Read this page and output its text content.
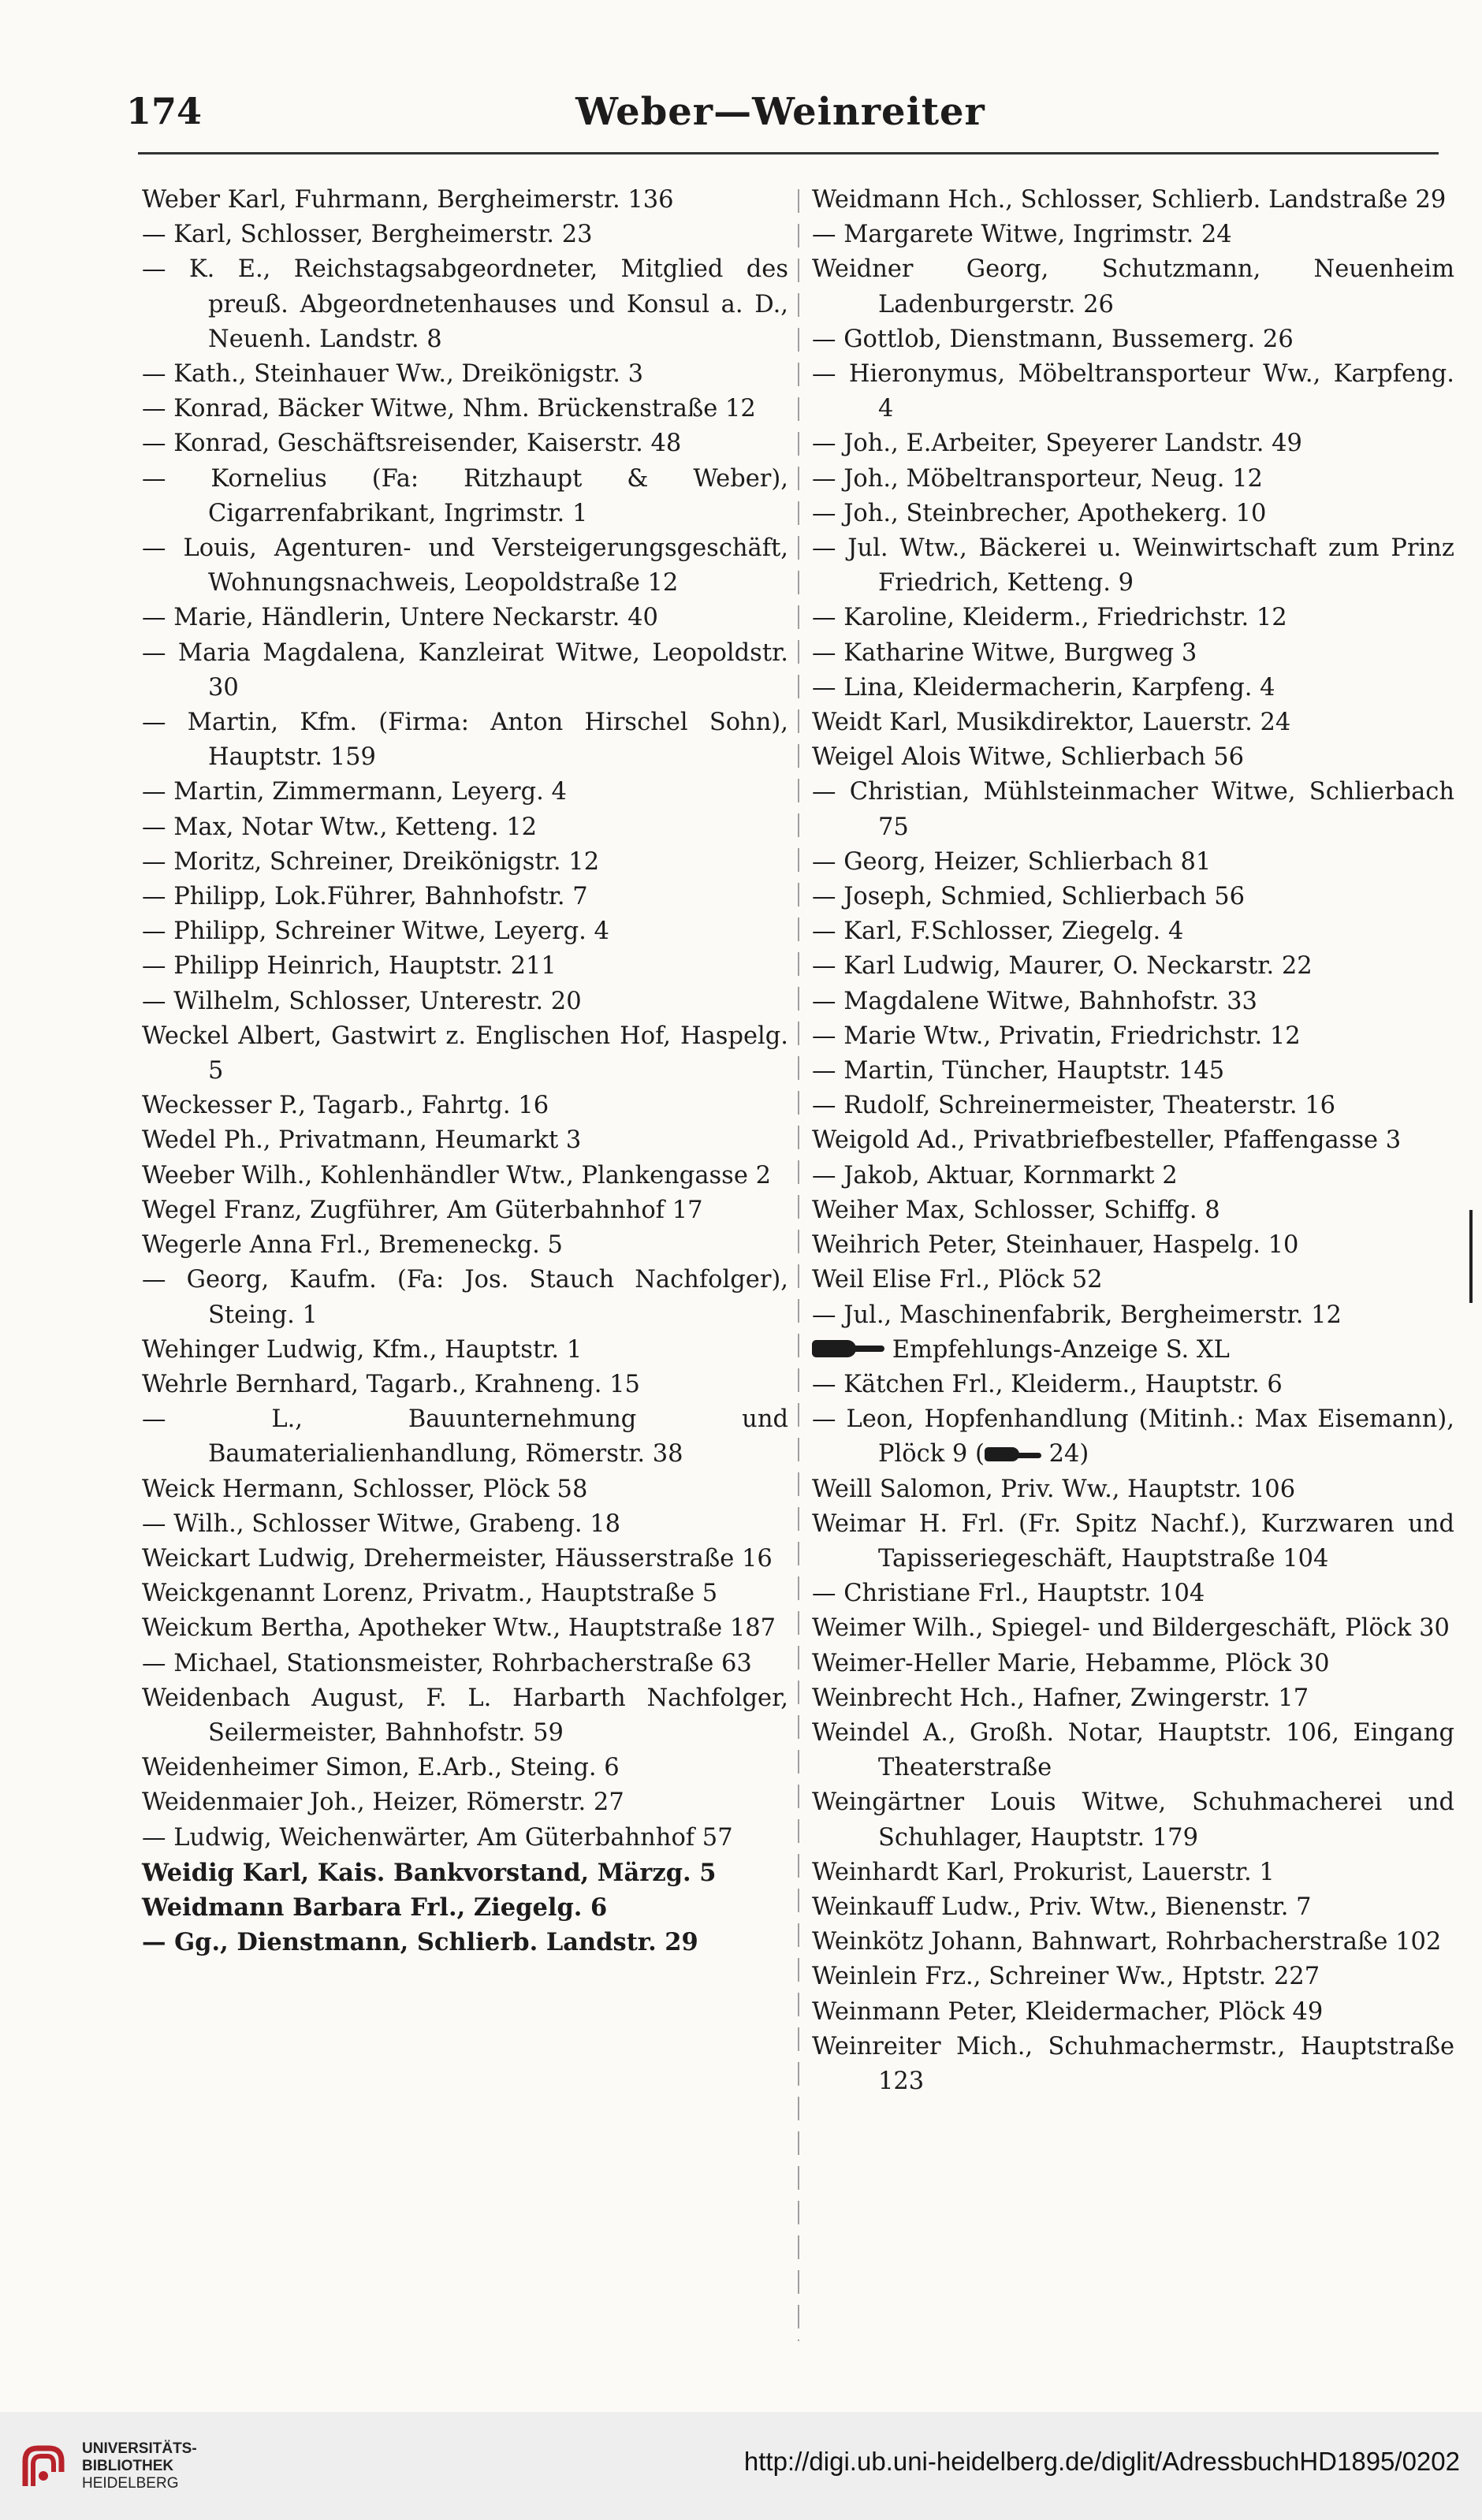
174	Weber—Weinreiter
Weber Karl, Fuhrmann, Bergheimerstr. 136
— Karl, Schlosser, Bergheimerstr. 23
— K. E., Reichstagsabgeordneter, Mitglied des preuß. Abgeordnetenhauses und Konsul a. D., Neuenh. Landstr. 8
— Kath., Steinhauer Ww., Dreikönigstr. 3
— Konrad, Bäcker Witwe, Nhm. Brückenstraße 12
— Konrad, Geschäftsreisender, Kaiserstr. 48
— Kornelius (Fa: Ritzhaupt & Weber), Cigarrenfabrikant, Ingrimstr. 1
— Louis, Agenturen- und Versteigerungsgeschäft, Wohnungsnachweis, Leopoldstraße 12
— Marie, Händlerin, Untere Neckarstr. 40
— Maria Magdalena, Kanzleirat Witwe, Leopoldstr. 30
— Martin, Kfm. (Firma: Anton Hirschel Sohn), Hauptstr. 159
— Martin, Zimmermann, Leyerg. 4
— Max, Notar Wtw., Ketteng. 12
— Moritz, Schreiner, Dreikönigstr. 12
— Philipp, Lok.Führer, Bahnhofstr. 7
— Philipp, Schreiner Witwe, Leyerg. 4
— Philipp Heinrich, Hauptstr. 211
— Wilhelm, Schlosser, Unterestr. 20
Weckel Albert, Gastwirt z. Englischen Hof, Haspelg. 5
Weckesser P., Tagarb., Fahrtg. 16
Wedel Ph., Privatmann, Heumarkt 3
Weeber Wilh., Kohlenhändler Wtw., Plankengasse 2
Wegel Franz, Zugführer, Am Güterbahnhof 17
Wegerle Anna Frl., Bremeneckg. 5
— Georg, Kaufm. (Fa: Jos. Stauch Nachfolger), Steing. 1
Wehinger Ludwig, Kfm., Hauptstr. 1
Wehrle Bernhard, Tagarb., Krahneng. 15
— L., Bauunternehmung und Baumaterialienhandlung, Römerstr. 38
Weick Hermann, Schlosser, Plöck 58
— Wilh., Schlosser Witwe, Grabeng. 18
Weickart Ludwig, Drehermeister, Häusserstraße 16
Weickgenannt Lorenz, Privatm., Hauptstraße 5
Weickum Bertha, Apotheker Wtw., Hauptstraße 187
— Michael, Stationsmeister, Rohrbacherstraße 63
Weidenbach August, F. L. Harbarth Nachfolger, Seilermeister, Bahnhofstr. 59
Weidenheimer Simon, E.Arb., Steing. 6
Weidenmaier Joh., Heizer, Römerstr. 27
— Ludwig, Weichenwärter, Am Güterbahnhof 57
Weidig Karl, Kais. Bankvorstand, Märzg. 5
Weidmann Barbara Frl., Ziegelg. 6
— Gg., Dienstmann, Schlierb. Landstr. 29
Weidmann Hch., Schlosser, Schlierb. Landstraße 29
— Margarete Witwe, Ingrimstr. 24
Weidner Georg, Schutzmann, Neuenheim Ladenburgerstr. 26
— Gottlob, Dienstmann, Bussemerg. 26
— Hieronymus, Möbeltransporteur Ww., Karpfeng. 4
— Joh., E.Arbeiter, Speyerer Landstr. 49
— Joh., Möbeltransporteur, Neug. 12
— Joh., Steinbrecher, Apothekerg. 10
— Jul. Wtw., Bäckerei u. Weinwirtschaft zum Prinz Friedrich, Ketteng. 9
— Karoline, Kleiderm., Friedrichstr. 12
— Katharine Witwe, Burgweg 3
— Lina, Kleidermacherin, Karpfeng. 4
Weidt Karl, Musikdirektor, Lauerstr. 24
Weigel Alois Witwe, Schlierbach 56
— Christian, Mühlsteinmacher Witwe, Schlierbach 75
— Georg, Heizer, Schlierbach 81
— Joseph, Schmied, Schlierbach 56
— Karl, F.Schlosser, Ziegelg. 4
— Karl Ludwig, Maurer, O. Neckarstr. 22
— Magdalene Witwe, Bahnhofstr. 33
— Marie Wtw., Privatin, Friedrichstr. 12
— Martin, Tüncher, Hauptstr. 145
— Rudolf, Schreinermeister, Theaterstr. 16
Weigold Ad., Privatbriefbesteller, Pfaffengasse 3
— Jakob, Aktuar, Kornmarkt 2
Weiher Max, Schlosser, Schiffg. 8
Weihrich Peter, Steinhauer, Haspelg. 10
Weil Elise Frl., Plöck 52
— Jul., Maschinenfabrik, Bergheimerstr. 12
Empfehlungs-Anzeige S. XL
— Kätchen Frl., Kleiderm., Hauptstr. 6
— Leon, Hopfenhandlung (Mitinh.: Max Eisemann), Plöck 9 ( 24)
Weill Salomon, Priv. Ww., Hauptstr. 106
Weimar H. Frl. (Fr. Spitz Nachf.), Kurzwaren und Tapisseriegeschäft, Hauptstraße 104
— Christiane Frl., Hauptstr. 104
Weimer Wilh., Spiegel- und Bildergeschäft, Plöck 30
Weimer-Heller Marie, Hebamme, Plöck 30
Weinbrecht Hch., Hafner, Zwingerstr. 17
Weindel A., Großh. Notar, Hauptstr. 106, Eingang Theaterstraße
Weingärtner Louis Witwe, Schuhmacherei und Schuhlager, Hauptstr. 179
Weinhardt Karl, Prokurist, Lauerstr. 1
Weinkauff Ludw., Priv. Wtw., Bienenstr. 7
Weinkötz Johann, Bahnwart, Rohrbacherstraße 102
Weinlein Frz., Schreiner Ww., Hptstr. 227
Weinmann Peter, Kleidermacher, Plöck 49
Weinreiter Mich., Schuhmachermstr., Hauptstraße 123
UNIVERSITÄTS-
BIBLIOTHEK
HEIDELBERG
http://digi.ub.uni-heidelberg.de/diglit/AdressbuchHD1895/0202
